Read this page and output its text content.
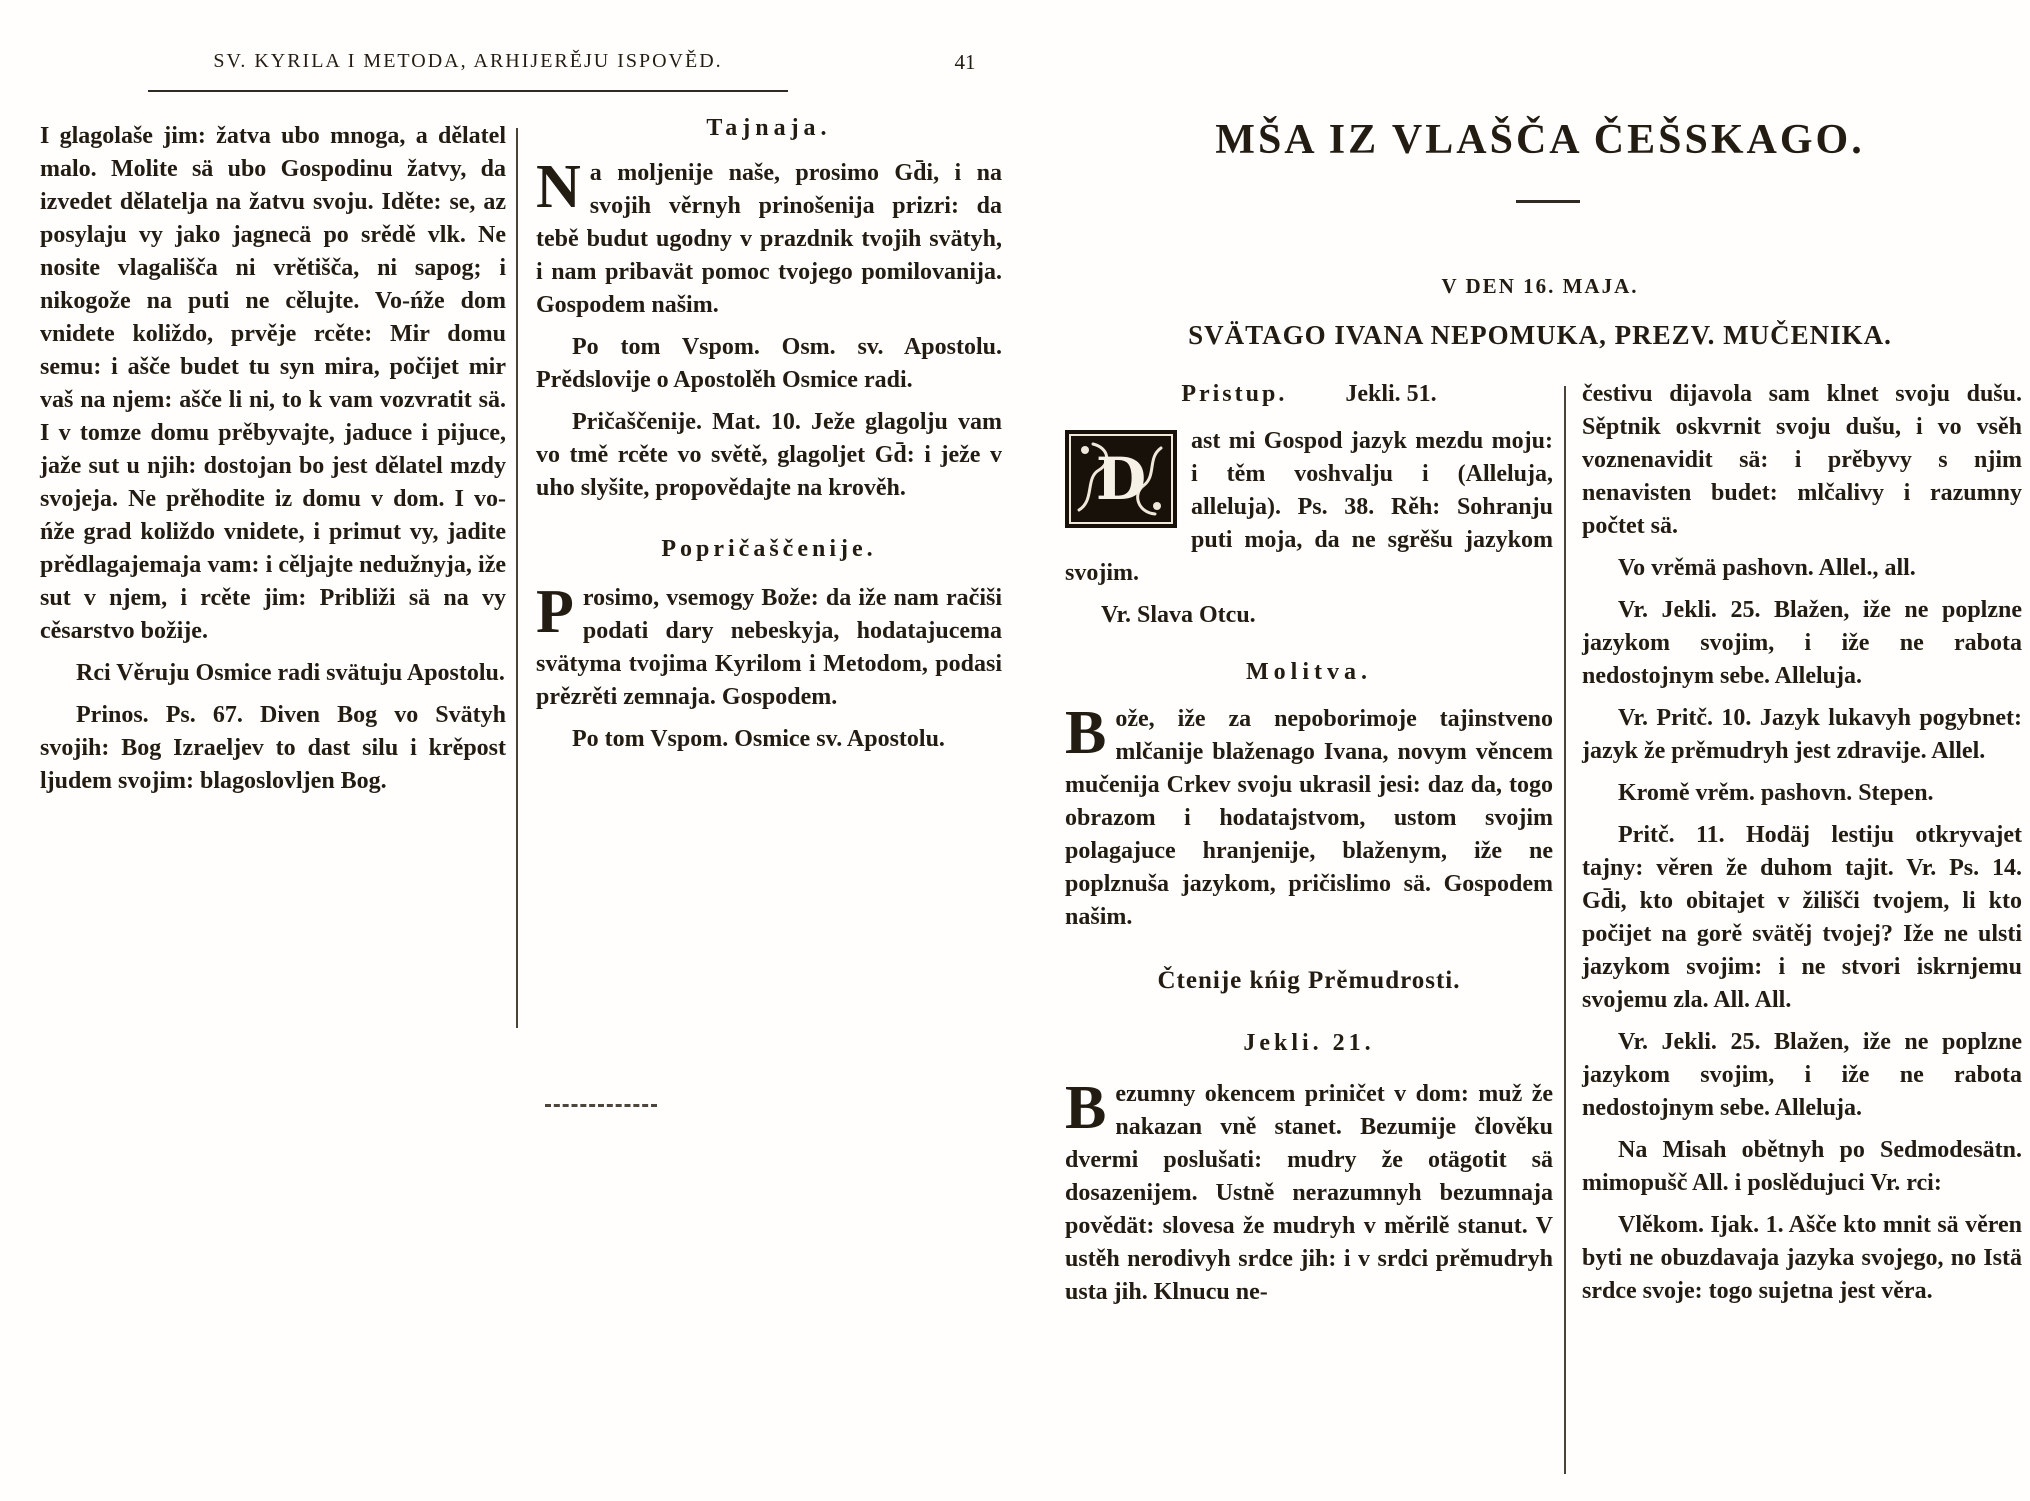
SV. KYRILA I METODA, ARHIJERĚJU ISPOVĚD.	41

I glagolaše jim: žatva ubo mnoga, a dělatel malo. Molite sä ubo Gospodinu žatvy, da izvedet dělatelja na žatvu svoju. Iděte: se, az posylaju vy jako jagnecä po srědě vlk. Ne nosite vlagališča ni vrětišča, ni sapog; i nikogože na puti ne cělujte. Vo-ńže dom vnidete koliždo, prvěje rcěte: Mir domu semu: i ašče budet tu syn mira, počijet mir vaš na njem: ašče li ni, to k vam vozvratit sä. I v tomze domu prěbyvajte, jaduce i pijuce, jaže sut u njih: dostojan bo jest dělatel mzdy svojeja. Ne prěhodite iz domu v dom. I vo-ńže grad koliždo vnidete, i primut vy, jadite prědlagajemaja vam: i cěljajte nedužnyja, iže sut v njem, i rcěte jim: Približi sä na vy cěsarstvo božije.

Rci Věruju Osmice radi svätuju Apostolu.

Prinos. Ps. 67. Diven Bog vo Svätyh svojih: Bog Izraeljev to dast silu i krěpost ljudem svojim: blagoslovljen Bog.

Tajnaja.

Na moljenije naše, prosimo Gd̄i, i na svojih věrnyh prinošenija prizri: da tebě budut ugodny v prazdnik tvojih svätyh, i nam pribavät pomoc tvojego pomilovanija. Gospodem našim.

Po tom Vspom. Osm. sv. Apostolu. Prědslovije o Apostolěh Osmice radi.

Pričaščenije. Mat. 10. Ježe glagolju vam vo tmě rcěte vo světě, glagoljet Gd̄: i ježe v uho slyšite, propovědajte na krověh.

Popričaščenije.

Prosimo, vsemogy Bože: da iže nam račiši podati dary nebeskyja, hodatajucema svätyma tvojima Kyrilom i Metodom, podasi prězrěti zemnaja. Gospodem.

Po tom Vspom. Osmice sv. Apostolu.

MŠA IZ VLAŠČA ČEŠSKAGO.
V DEN 16. MAJA.
SVÄTAGO IVANA NEPOMUKA, PREZV. MUČENIKA.
Pristup. Jekli. 51.

D
ast mi Gospod jazyk mezdu moju: i těm voshvalju i (Alleluja, alleluja). Ps. 38. Rěh: Sohranju puti moja, da ne sgrěšu jazykom svojim.

Vr. Slava Otcu.

Molitva.

Bože, iže za nepoborimoje tajinstveno mlčanije blaženago Ivana, novym věncem mučenija Crkev svoju ukrasil jesi: daz da, togo obrazom i hodatajstvom, ustom svojim polagajuce hranjenije, blaženym, iže ne poplznuša jazykom, pričislimo sä. Gospodem našim.

Čtenije kńig Prěmudrosti.
Jekli. 21.

Bezumny okencem priničet v dom: muž že nakazan vně stanet. Bezumije člověku dvermi poslušati: mudry že otägotit sä dosazenijem. Ustně nerazumnyh bezumnaja povědät: slovesa že mudryh v měrilě stanut. V ustěh nerodivyh srdce jih: i v srdci prěmudryh usta jih. Klnucu ne-

čestivu dijavola sam klnet svoju dušu. Sěptnik oskvrnit svoju dušu, i vo vsěh voznenavidit sä: i prěbyvy s njim nenavisten budet: mlčalivy i razumny počtet sä.

Vo vrěmä pashovn. Allel., all.

Vr. Jekli. 25. Blažen, iže ne poplzne jazykom svojim, i iže ne rabota nedostojnym sebe. Alleluja.

Vr. Pritč. 10. Jazyk lukavyh pogybnet: jazyk že prěmudryh jest zdravije. Allel.

Kromě vrěm. pashovn. Stepen.

Pritč. 11. Hodäj lestiju otkryvajet tajny: věren že duhom tajit. Vr. Ps. 14. Gd̄i, kto obitajet v žilišči tvojem, li kto počijet na gorě svätěj tvojej? Iže ne ulsti jazykom svojim: i ne stvori iskrnjemu svojemu zla. All. All.

Vr. Jekli. 25. Blažen, iže ne poplzne jazykom svojim, i iže ne rabota nedostojnym sebe. Alleluja.

Na Misah obětnyh po Sedmodesätn. mimopušč All. i poslědujuci Vr. rci:

Vlěkom. Ijak. 1. Ašče kto mnit sä věren byti ne obuzdavaja jazyka svojego, no Istä srdce svoje: togo sujetna jest věra.
